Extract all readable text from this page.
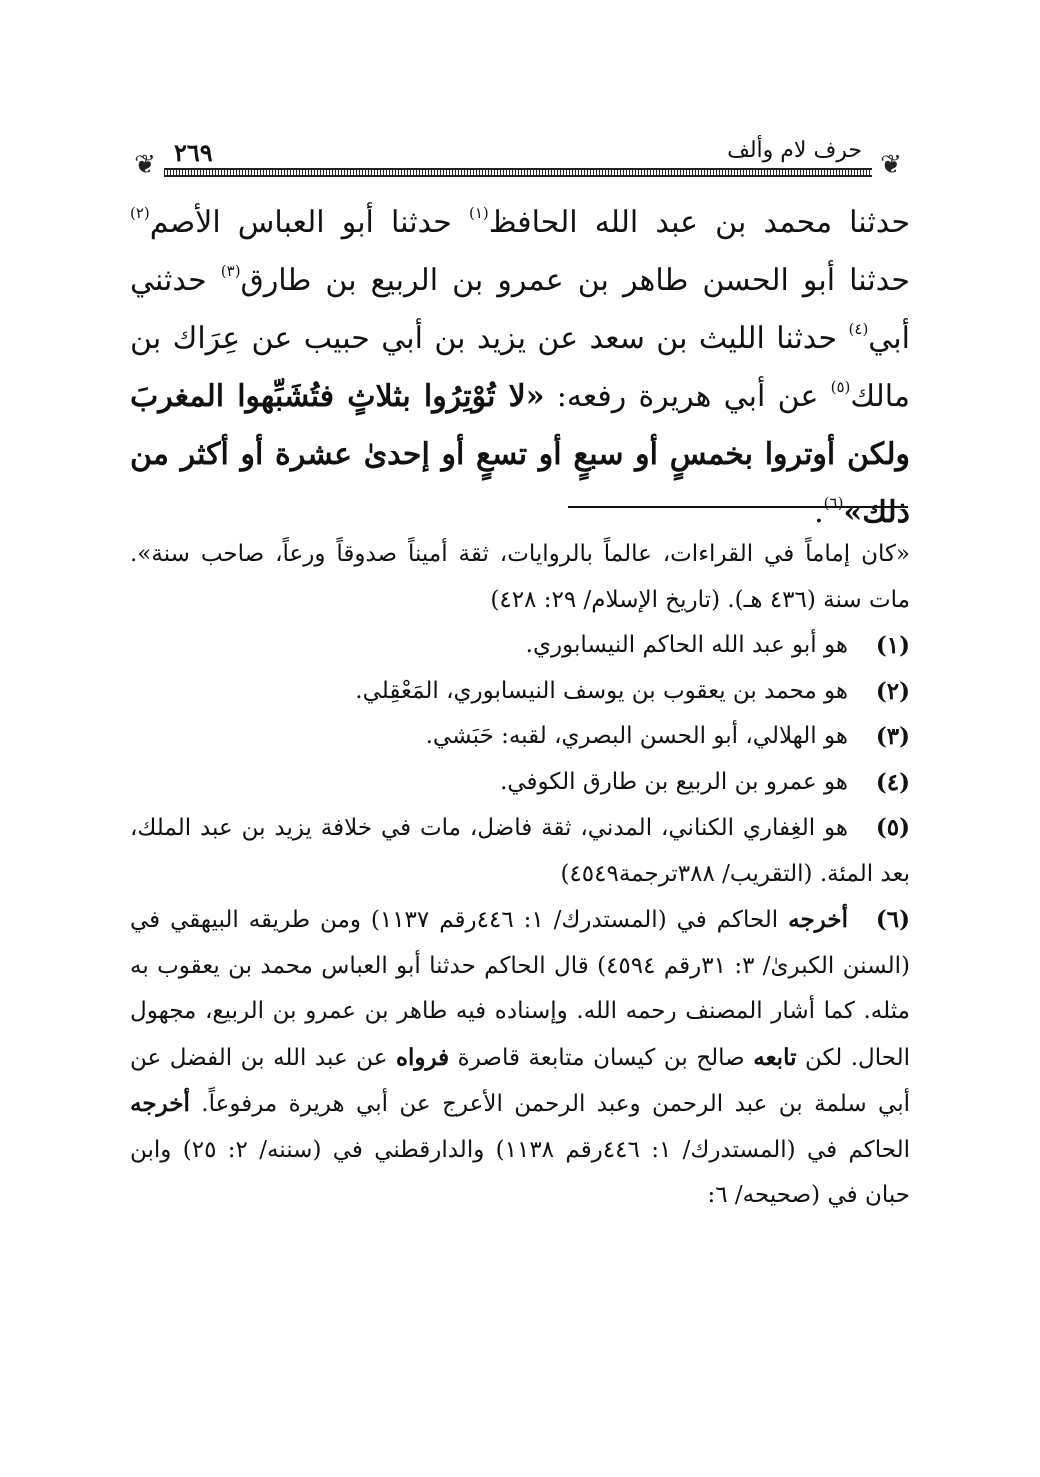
❦	❦
٢٦٩	حرف لام وألف

حدثنا محمد بن عبد الله الحافظ$^{(١)}$ حدثنا أبو العباس الأصم$^{(٢)}$ حدثنا أبو الحسن طاهر بن عمرو بن الربيع بن طارق$^{(٣)}$ حدثني أبي$^{(٤)}$ حدثنا الليث بن سعد عن يزيد بن أبي حبيب عن عِرَاك بن مالك$^{(٥)}$ عن أبي هريرة رفعه: «لا تُوْتِرُوا بثلاثٍ فتُشَبِّهوا المغربَ ولكن أوتروا بخمسٍ أو سبعٍ أو تسعٍ أو إحدىٰ عشرة أو أكثر من ذلك»$^{(٦)}$.

«كان إماماً في القراءات، عالماً بالروايات، ثقة أميناً صدوقاً ورعاً، صاحب سنة». مات سنة (٤٣٦ هـ). (تاريخ الإسلام/ ٢٩: ٤٢٨)

(١)
هو أبو عبد الله الحاكم النيسابوري.
(٢)
هو محمد بن يعقوب بن يوسف النيسابوري، المَعْقِلي.
(٣)
هو الهلالي، أبو الحسن البصري، لقبه: حَبَشي.
(٤)
هو عمرو بن الربيع بن طارق الكوفي.
(٥)هو الغِفاري الكناني، المدني، ثقة فاضل، مات في خلافة يزيد بن عبد الملك، بعد المئة. (التقريب/ ٣٨٨ترجمة٤٥٤٩)
(٦)أخرجه الحاكم في (المستدرك/ ١: ٤٤٦رقم ١١٣٧) ومن طريقه البيهقي في (السنن الكبرىٰ/ ٣: ٣١رقم ٤٥٩٤) قال الحاكم حدثنا أبو العباس محمد بن يعقوب به مثله. كما أشار المصنف رحمه الله. وإسناده فيه طاهر بن عمرو بن الربيع، مجهول الحال. لكن تابعه صالح بن كيسان متابعة قاصرة فرواه عن عبد الله بن الفضل عن أبي سلمة بن عبد الرحمن وعبد الرحمن الأعرج عن أبي هريرة مرفوعاً. أخرجه الحاكم في (المستدرك/ ١: ٤٤٦رقم ١١٣٨) والدارقطني في (سننه/ ٢: ٢٥) وابن حبان في (صحيحه/ ٦:
